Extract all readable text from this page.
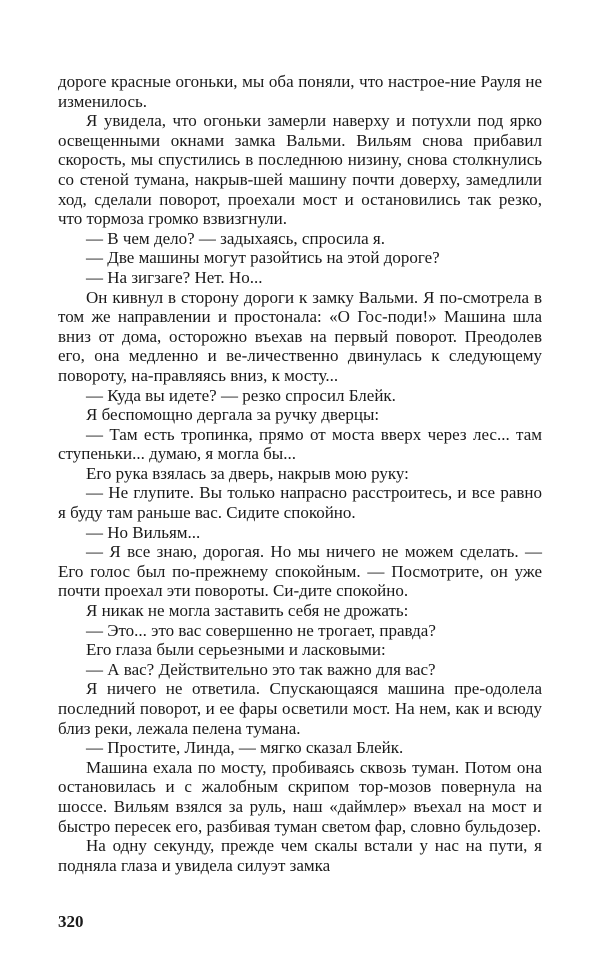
дороге красные огоньки, мы оба поняли, что настрое-ние Рауля не изменилось.

Я увидела, что огоньки замерли наверху и потухли под ярко освещенными окнами замка Вальми. Вильям снова прибавил скорость, мы спустились в последнюю низину, снова столкнулись со стеной тумана, накрыв-шей машину почти доверху, замедлили ход, сделали поворот, проехали мост и остановились так резко, что тормоза громко взвизгнули.

— В чем дело? — задыхаясь, спросила я.

— Две машины могут разойтись на этой дороге?

— На зигзаге? Нет. Но...

Он кивнул в сторону дороги к замку Вальми. Я по-смотрела в том же направлении и простонала: «О Гос-поди!» Машина шла вниз от дома, осторожно въехав на первый поворот. Преодолев его, она медленно и ве-личественно двинулась к следующему повороту, на-правляясь вниз, к мосту...

— Куда вы идете? — резко спросил Блейк.

Я беспомощно дергала за ручку дверцы:

— Там есть тропинка, прямо от моста вверх через лес... там ступеньки... думаю, я могла бы...

Его рука взялась за дверь, накрыв мою руку:

— Не глупите. Вы только напрасно расстроитесь, и все равно я буду там раньше вас. Сидите спокойно.

— Но Вильям...

— Я все знаю, дорогая. Но мы ничего не можем сделать. — Его голос был по-прежнему спокойным. — Посмотрите, он уже почти проехал эти повороты. Си-дите спокойно.

Я никак не могла заставить себя не дрожать:

— Это... это вас совершенно не трогает, правда?

Его глаза были серьезными и ласковыми:

— А вас? Действительно это так важно для вас?

Я ничего не ответила. Спускающаяся машина пре-одолела последний поворот, и ее фары осветили мост. На нем, как и всюду близ реки, лежала пелена тумана.

— Простите, Линда, — мягко сказал Блейк.

Машина ехала по мосту, пробиваясь сквозь туман. Потом она остановилась и с жалобным скрипом тор-мозов повернула на шоссе. Вильям взялся за руль, наш «даймлер» въехал на мост и быстро пересек его, разбивая туман светом фар, словно бульдозер.

На одну секунду, прежде чем скалы встали у нас на пути, я подняла глаза и увидела силуэт замка

320
